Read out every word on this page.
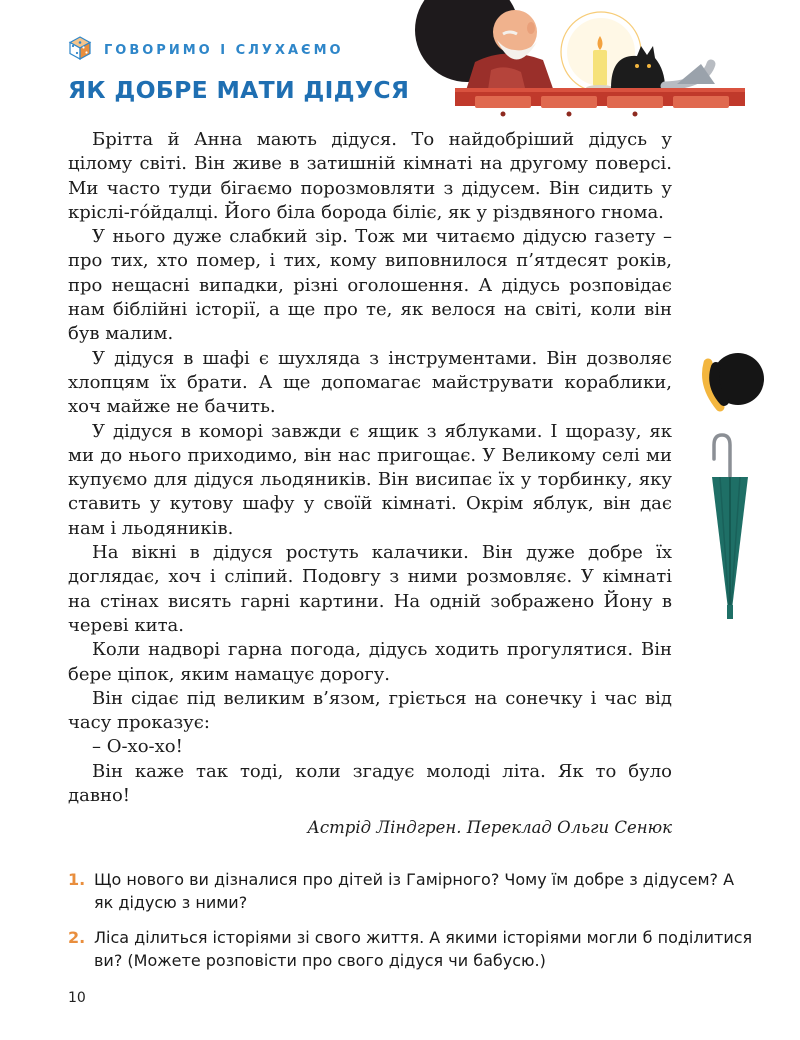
ГОВОРИМО І СЛУХАЄМО
ЯК ДОБРЕ МАТИ ДІДУСЯ

Брітта й Анна мають дідуся. То найдобріший дідусь у цілому світі. Він живе в затишній кімнаті на другому поверсі. Ми часто туди бігаємо порозмовляти з дідусем. Він сидить у кріслі-го́йдалці. Його біла борода біліє, як у різдвяного гнома.

У нього дуже слабкий зір. Тож ми читаємо дідусю газету – про тих, хто помер, і тих, кому виповнилося п’ятдесят років, про нещасні випадки, різні оголошення. А дідусь розповідає нам біблійні історії, а ще про те, як велося на світі, коли він був малим.

У дідуся в шафі є шухляда з інструментами. Він дозволяє хлопцям їх брати. А ще допомагає майструвати кораблики, хоч майже не бачить.

У дідуся в коморі завжди є ящик з яблуками. І щоразу, як ми до нього приходимо, він нас пригощає. У Великому селі ми купуємо для дідуся льодяників. Він висипає їх у торбинку, яку ставить у кутову шафу у своїй кімнаті. Окрім яблук, він дає нам і льодяників.

На вікні в дідуся ростуть калачики. Він дуже добре їх доглядає, хоч і сліпий. Подовгу з ними розмовляє. У кімнаті на стінах висять гарні картини. На одній зображено Йону в череві кита.

Коли надворі гарна погода, дідусь ходить прогулятися. Він бере ціпок, яким намацує дорогу.

Він сідає під великим в’язом, гріється на сонечку і час від часу проказує:

– О-хо-хо!

Він каже так тоді, коли згадує молоді літа. Як то було давно!

Астрід Ліндгрен. Переклад Ольги Сенюк
1. Що нового ви дізналися про дітей із Гамірного? Чому їм добре з дідусем? А як дідусю з ними?
2. Ліса ділиться історіями зі свого життя. А якими історіями могли б поділитися ви? (Можете розповісти про свого дідуся чи бабусю.)
10
